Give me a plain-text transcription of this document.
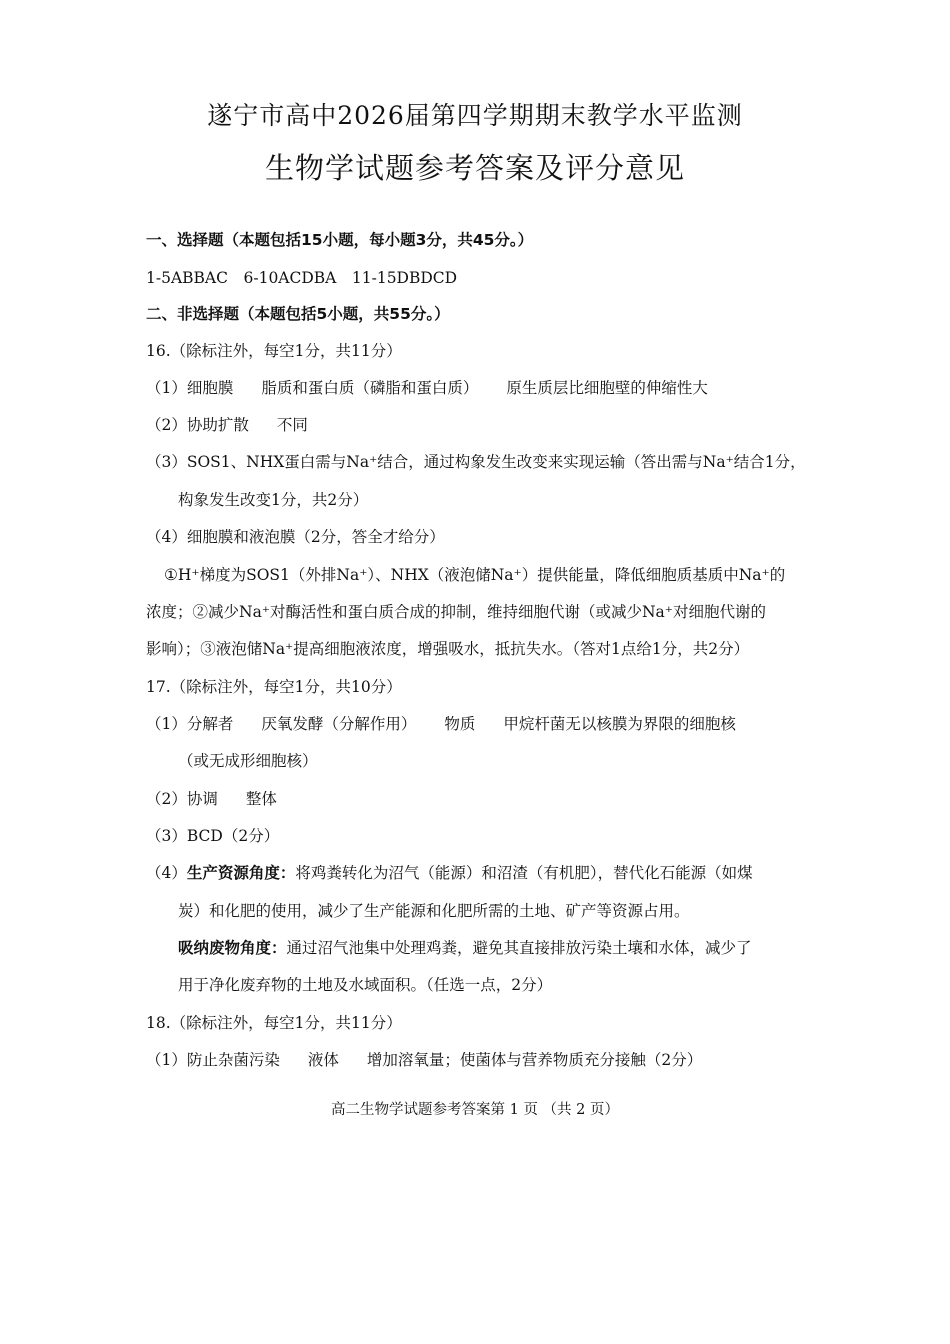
遂宁市高中2026届第四学期期末教学水平监测
生物学试题参考答案及评分意见
一、选择题（本题包括15小题，每小题3分，共45分。）
1-5ABBAC　6-10ACDBA　11-15DBDCD
二、非选择题（本题包括5小题，共55分。）
16.（除标注外，每空1分，共11分）
（1）细胞膜 脂质和蛋白质（磷脂和蛋白质） 原生质层比细胞壁的伸缩性大
（2）协助扩散 不同
（3）SOS1、NHX蛋白需与Na⁺结合，通过构象发生改变来实现运输（答出需与Na⁺结合1分，
构象发生改变1分，共2分）
（4）细胞膜和液泡膜（2分，答全才给分）
①H⁺梯度为SOS1（外排Na⁺）、NHX（液泡储Na⁺）提供能量，降低细胞质基质中Na⁺的
浓度；②减少Na⁺对酶活性和蛋白质合成的抑制，维持细胞代谢（或减少Na⁺对细胞代谢的
影响）；③液泡储Na⁺提高细胞液浓度，增强吸水，抵抗失水。（答对1点给1分，共2分）
17.（除标注外，每空1分，共10分）
（1）分解者 厌氧发酵（分解作用） 物质 甲烷杆菌无以核膜为界限的细胞核
（或无成形细胞核）
（2）协调 整体
（3）BCD（2分）
（4）生产资源角度：将鸡粪转化为沼气（能源）和沼渣（有机肥），替代化石能源（如煤
炭）和化肥的使用，减少了生产能源和化肥所需的土地、矿产等资源占用。
吸纳废物角度：通过沼气池集中处理鸡粪，避免其直接排放污染土壤和水体，减少了
用于净化废弃物的土地及水域面积。（任选一点，2分）
18.（除标注外，每空1分，共11分）
（1）防止杂菌污染 液体 增加溶氧量；使菌体与营养物质充分接触（2分）
高二生物学试题参考答案第 1 页 （共 2 页）
